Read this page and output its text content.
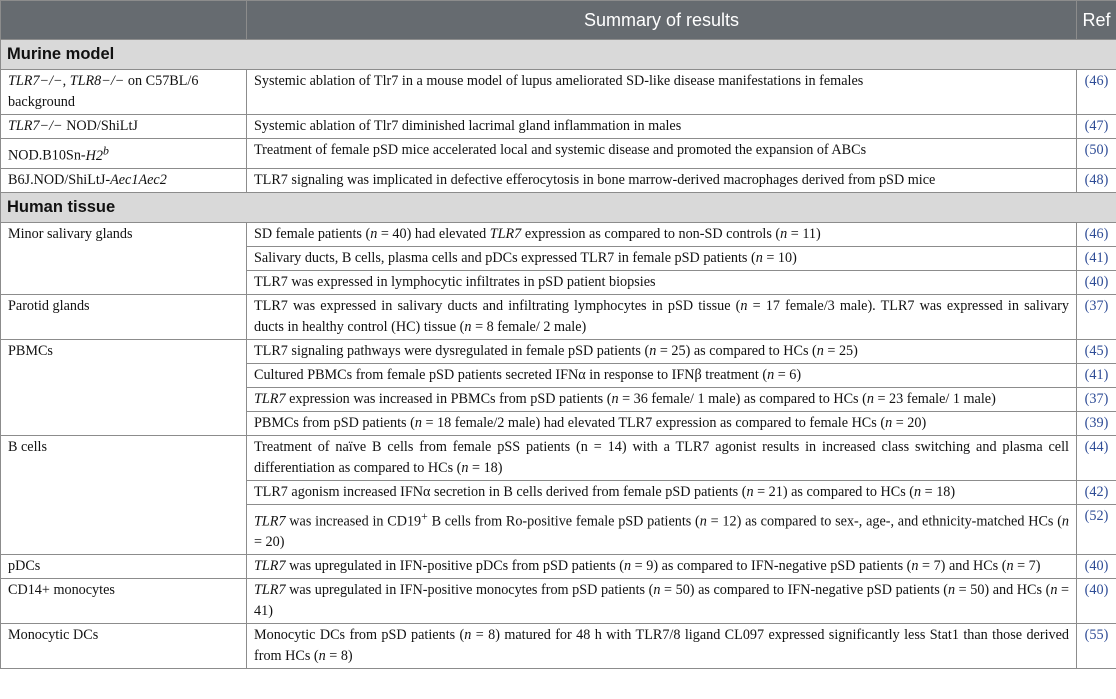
	Summary of results	Ref
Murine model		
TLR7−/−, TLR8−/− on C57BL/6 background	Systemic ablation of Tlr7 in a mouse model of lupus ameliorated SD-like disease manifestations in females	(46)
TLR7−/− NOD/ShiLtJ	Systemic ablation of Tlr7 diminished lacrimal gland inflammation in males	(47)
NOD.B10Sn-H2$^b$	Treatment of female pSD mice accelerated local and systemic disease and promoted the expansion of ABCs	(50)
B6J.NOD/ShiLtJ-Aec1Aec2	TLR7 signaling was implicated in defective efferocytosis in bone marrow-derived macrophages derived from pSD mice	(48)
Human tissue		
Minor salivary glands	SD female patients (n = 40) had elevated TLR7 expression as compared to non-SD controls (n = 11)	(46)
	Salivary ducts, B cells, plasma cells and pDCs expressed TLR7 in female pSD patients (n = 10)	(41)
	TLR7 was expressed in lymphocytic infiltrates in pSD patient biopsies	(40)
Parotid glands	TLR7 was expressed in salivary ducts and infiltrating lymphocytes in pSD tissue (n = 17 female/3 male). TLR7 was expressed in salivary ducts in healthy control (HC) tissue (n = 8 female/ 2 male)	(37)
PBMCs	TLR7 signaling pathways were dysregulated in female pSD patients (n = 25) as compared to HCs (n = 25)	(45)
	Cultured PBMCs from female pSD patients secreted IFNα in response to IFNβ treatment (n = 6)	(41)
	TLR7 expression was increased in PBMCs from pSD patients (n = 36 female/ 1 male) as compared to HCs (n = 23 female/ 1 male)	(37)
	PBMCs from pSD patients (n = 18 female/2 male) had elevated TLR7 expression as compared to female HCs (n = 20)	(39)
B cells	Treatment of naïve B cells from female pSS patients (n = 14) with a TLR7 agonist results in increased class switching and plasma cell differentiation as compared to HCs (n = 18)	(44)
	TLR7 agonism increased IFNα secretion in B cells derived from female pSD patients (n = 21) as compared to HCs (n = 18)	(42)
	TLR7 was increased in CD19+ B cells from Ro-positive female pSD patients (n = 12) as compared to sex-, age-, and ethnicity-matched HCs (n = 20)	(52)
pDCs	TLR7 was upregulated in IFN-positive pDCs from pSD patients (n = 9) as compared to IFN-negative pSD patients (n = 7) and HCs (n = 7)	(40)
CD14+ monocytes	TLR7 was upregulated in IFN-positive monocytes from pSD patients (n = 50) as compared to IFN-negative pSD patients (n = 50) and HCs (n = 41)	(40)
Monocytic DCs	Monocytic DCs from pSD patients (n = 8) matured for 48 h with TLR7/8 ligand CL097 expressed significantly less Stat1 than those derived from HCs (n = 8)	(55)
